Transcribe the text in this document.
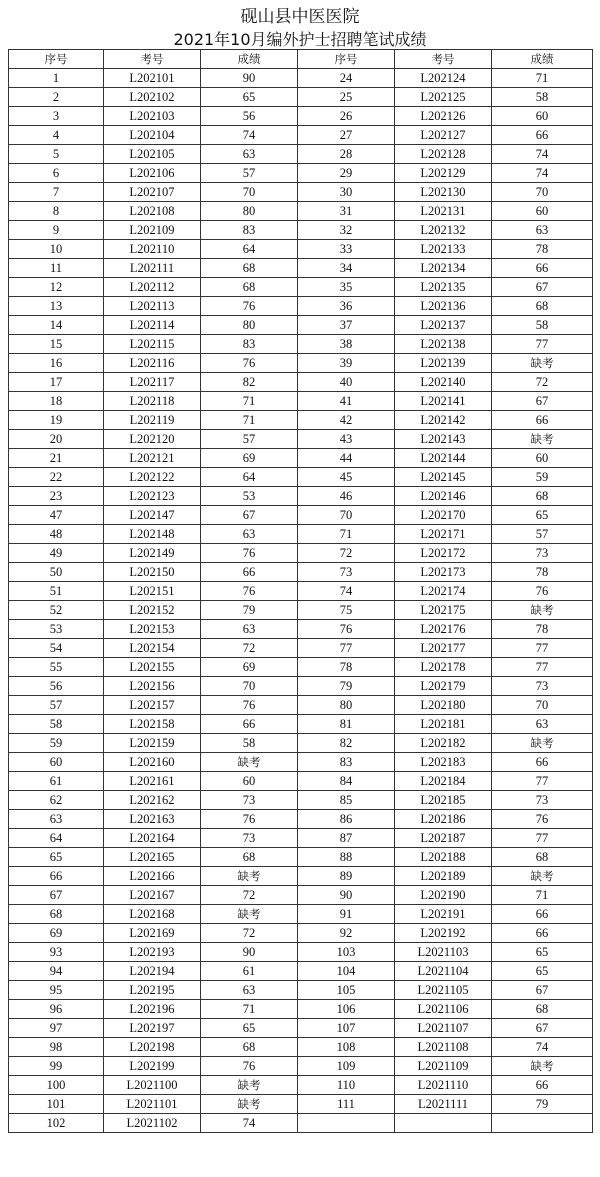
砚山县中医医院
2021年10月编外护士招聘笔试成绩
序号	考号	成绩	序号	考号	成绩
1	L202101	90	24	L202124	71
2	L202102	65	25	L202125	58
3	L202103	56	26	L202126	60
4	L202104	74	27	L202127	66
5	L202105	63	28	L202128	74
6	L202106	57	29	L202129	74
7	L202107	70	30	L202130	70
8	L202108	80	31	L202131	60
9	L202109	83	32	L202132	63
10	L202110	64	33	L202133	78
11	L202111	68	34	L202134	66
12	L202112	68	35	L202135	67
13	L202113	76	36	L202136	68
14	L202114	80	37	L202137	58
15	L202115	83	38	L202138	77
16	L202116	76	39	L202139	缺考
17	L202117	82	40	L202140	72
18	L202118	71	41	L202141	67
19	L202119	71	42	L202142	66
20	L202120	57	43	L202143	缺考
21	L202121	69	44	L202144	60
22	L202122	64	45	L202145	59
23	L202123	53	46	L202146	68
47	L202147	67	70	L202170	65
48	L202148	63	71	L202171	57
49	L202149	76	72	L202172	73
50	L202150	66	73	L202173	78
51	L202151	76	74	L202174	76
52	L202152	79	75	L202175	缺考
53	L202153	63	76	L202176	78
54	L202154	72	77	L202177	77
55	L202155	69	78	L202178	77
56	L202156	70	79	L202179	73
57	L202157	76	80	L202180	70
58	L202158	66	81	L202181	63
59	L202159	58	82	L202182	缺考
60	L202160	缺考	83	L202183	66
61	L202161	60	84	L202184	77
62	L202162	73	85	L202185	73
63	L202163	76	86	L202186	76
64	L202164	73	87	L202187	77
65	L202165	68	88	L202188	68
66	L202166	缺考	89	L202189	缺考
67	L202167	72	90	L202190	71
68	L202168	缺考	91	L202191	66
69	L202169	72	92	L202192	66
93	L202193	90	103	L2021103	65
94	L202194	61	104	L2021104	65
95	L202195	63	105	L2021105	67
96	L202196	71	106	L2021106	68
97	L202197	65	107	L2021107	67
98	L202198	68	108	L2021108	74
99	L202199	76	109	L2021109	缺考
100	L2021100	缺考	110	L2021110	66
101	L2021101	缺考	111	L2021111	79
102	L2021102	74			
